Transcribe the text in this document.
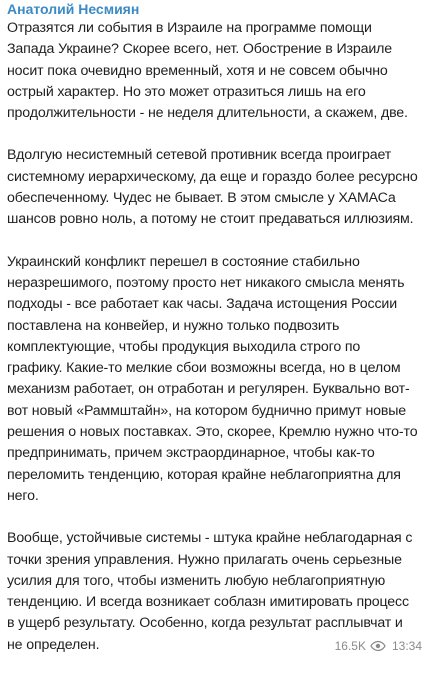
Анатолий Несмиян

Отразятся ли события в Израиле на программе помощи
Запада Украине? Скорее всего, нет. Обострение в Израиле
носит пока очевидно временный, хотя и не совсем обычно
острый характер. Но это может отразиться лишь на его
продолжительности - не неделя длительности, а скажем, две.

Вдолгую несистемный сетевой противник всегда проиграет
системному иерархическому, да еще и гораздо более ресурсно
обеспеченному. Чудес не бывает. В этом смысле у ХАМАСа
шансов ровно ноль, а потому не стоит предаваться иллюзиям.

Украинский конфликт перешел в состояние стабильно
неразрешимого, поэтому просто нет никакого смысла менять
подходы - все работает как часы. Задача истощения России
поставлена на конвейер, и нужно только подвозить
комплектующие, чтобы продукция выходила строго по
графику. Какие-то мелкие сбои возможны всегда, но в целом
механизм работает, он отработан и регулярен. Буквально вот-
вот новый «Раммштайн», на котором буднично примут новые
решения о новых поставках. Это, скорее, Кремлю нужно что-то
предпринимать, причем экстраординарное, чтобы как-то
переломить тенденцию, которая крайне неблагоприятна для
него.

Вообще, устойчивые системы - штука крайне неблагодарная с
точки зрения управления. Нужно прилагать очень серьезные
усилия для того, чтобы изменить любую неблагоприятную
тенденцию. И всегда возникает соблазн имитировать процесс
в ущерб результату. Особенно, когда результат расплывчат и
не определен.	16.5K 13:34
